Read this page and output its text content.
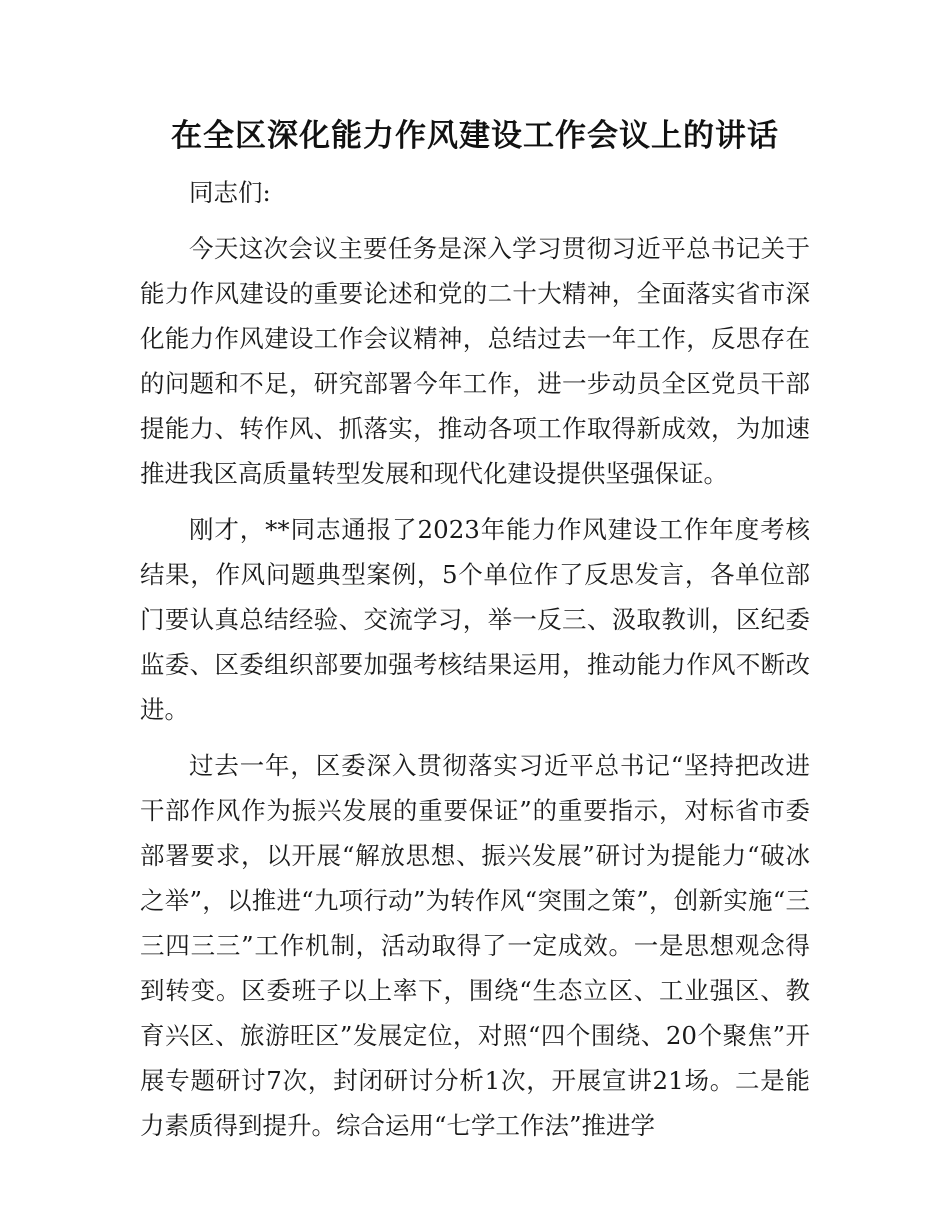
在全区深化能力作风建设工作会议上的讲话

同志们:

今天这次会议主要任务是深入学习贯彻习近平总书记关于能力作风建设的重要论述和党的二十大精神，全面落实省市深化能力作风建设工作会议精神，总结过去一年工作，反思存在的问题和不足，研究部署今年工作，进一步动员全区党员干部提能力、转作风、抓落实，推动各项工作取得新成效，为加速推进我区高质量转型发展和现代化建设提供坚强保证。

刚才，**同志通报了2023年能力作风建设工作年度考核结果，作风问题典型案例，5个单位作了反思发言，各单位部门要认真总结经验、交流学习，举一反三、汲取教训，区纪委监委、区委组织部要加强考核结果运用，推动能力作风不断改进。

过去一年，区委深入贯彻落实习近平总书记“坚持把改进干部作风作为振兴发展的重要保证”的重要指示，对标省市委部署要求，以开展“解放思想、振兴发展”研讨为提能力“破冰之举”，以推进“九项行动”为转作风“突围之策”，创新实施“三三四三三”工作机制，活动取得了一定成效。一是思想观念得到转变。区委班子以上率下，围绕“生态立区、工业强区、教育兴区、旅游旺区”发展定位，对照“四个围绕、20个聚焦”开展专题研讨7次，封闭研讨分析1次，开展宣讲21场。二是能力素质得到提升。综合运用“七学工作法”推进学
